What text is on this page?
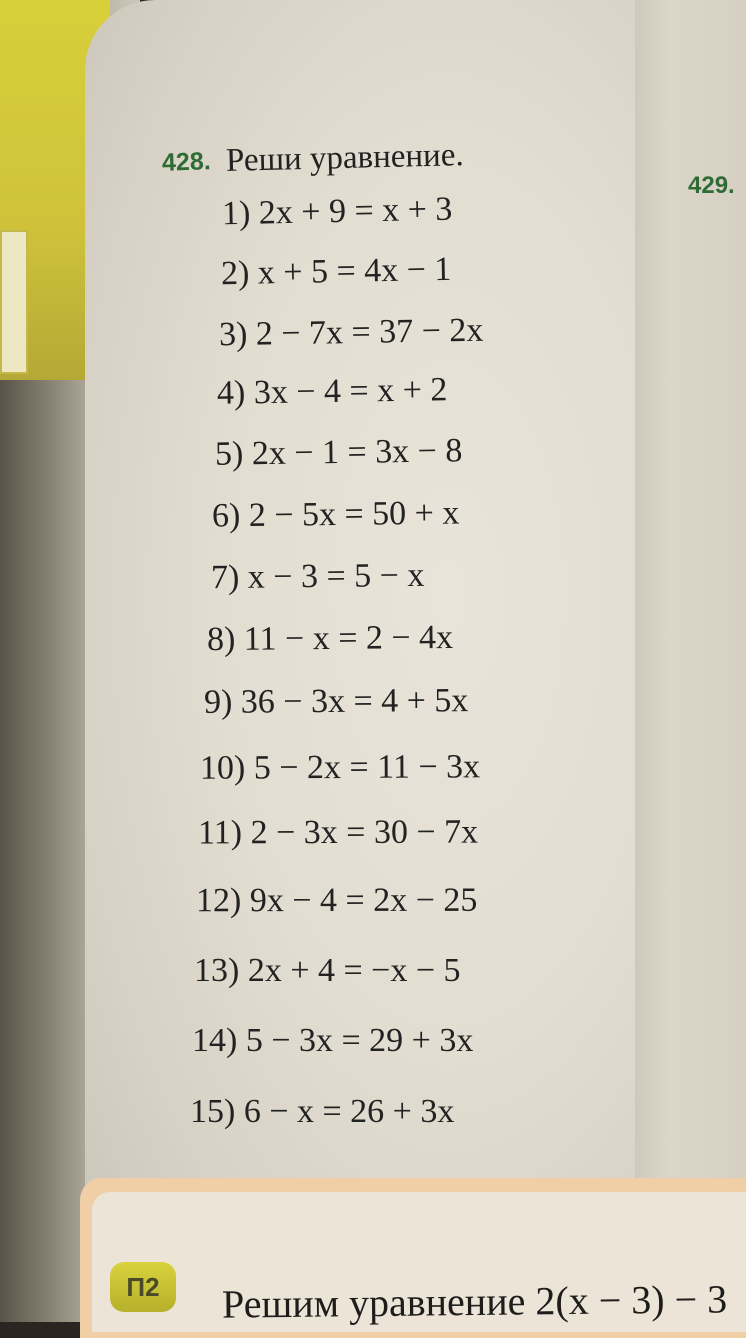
428. Реши уравнение.
429.
1) 2x + 9 = x + 3
2) x + 5 = 4x − 1
3) 2 − 7x = 37 − 2x
4) 3x − 4 = x + 2
5) 2x − 1 = 3x − 8
6) 2 − 5x = 50 + x
7) x − 3 = 5 − x
8) 11 − x = 2 − 4x
9) 36 − 3x = 4 + 5x
10) 5 − 2x = 11 − 3x
11) 2 − 3x = 30 − 7x
12) 9x − 4 = 2x − 25
13) 2x + 4 = −x − 5
14) 5 − 3x = 29 + 3x
15) 6 − x = 26 + 3x
П2	Решим уравнение 2(x − 3) − 3
